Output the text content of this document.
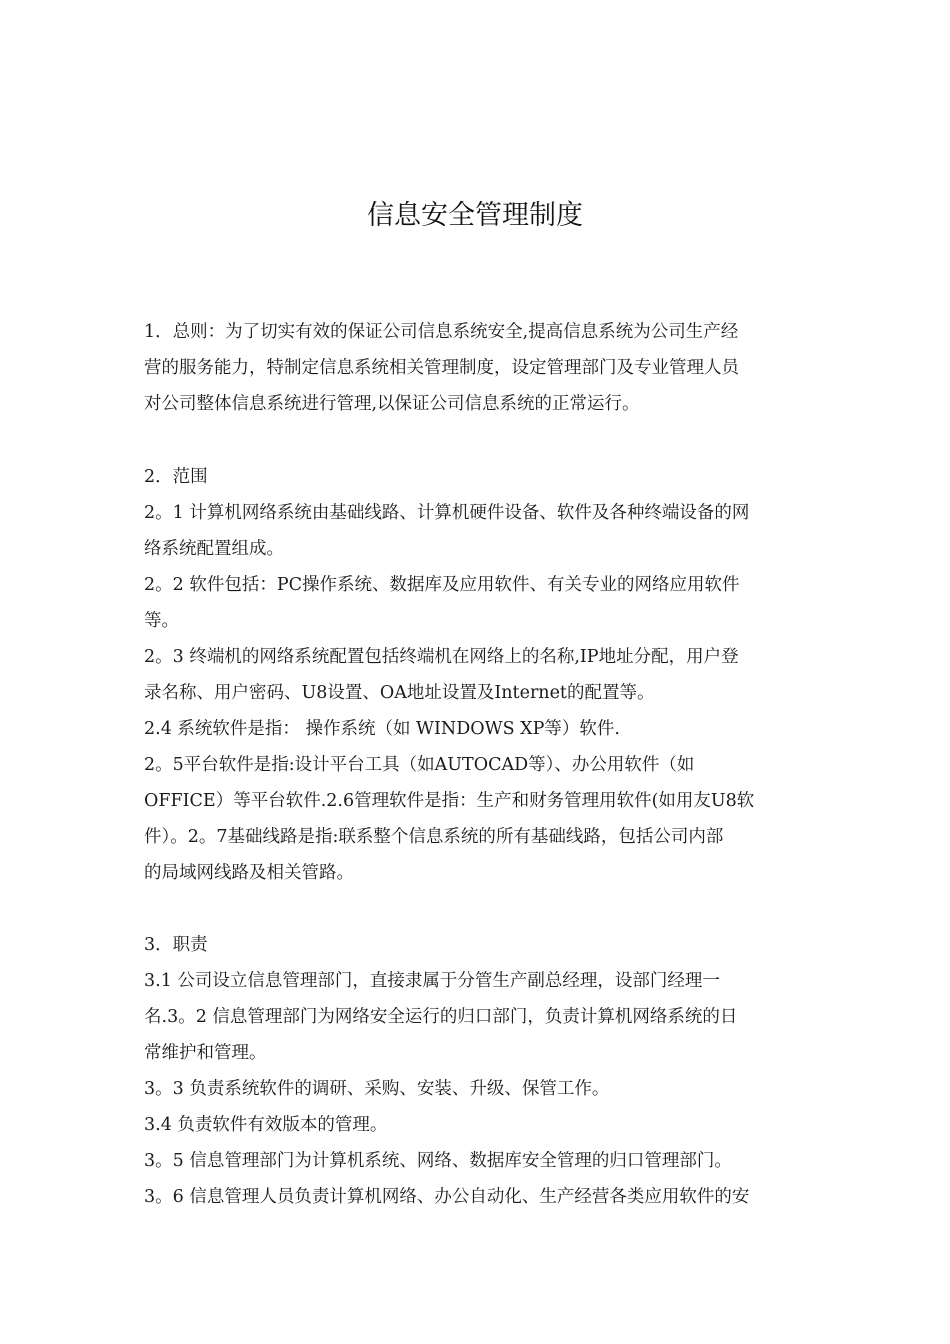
信息安全管理制度
1．总则：为了切实有效的保证公司信息系统安全,提高信息系统为公司生产经
营的服务能力，特制定信息系统相关管理制度，设定管理部门及专业管理人员
对公司整体信息系统进行管理,以保证公司信息系统的正常运行。
2．范围
2。1 计算机网络系统由基础线路、计算机硬件设备、软件及各种终端设备的网
络系统配置组成。
2。2 软件包括：PC操作系统、数据库及应用软件、有关专业的网络应用软件
等。
2。3 终端机的网络系统配置包括终端机在网络上的名称,IP地址分配，用户登
录名称、用户密码、U8设置、OA地址设置及Internet的配置等。
2.4 系统软件是指： 操作系统（如 WINDOWS XP等）软件.
2。5平台软件是指:设计平台工具（如AUTOCAD等）、办公用软件（如
OFFICE）等平台软件.2.6管理软件是指：生产和财务管理用软件(如用友U8软
件）。2。7基础线路是指:联系整个信息系统的所有基础线路，包括公司内部
的局域网线路及相关管路。
3．职责
3.1 公司设立信息管理部门，直接隶属于分管生产副总经理，设部门经理一
名.3。2 信息管理部门为网络安全运行的归口部门，负责计算机网络系统的日
常维护和管理。
3。3 负责系统软件的调研、采购、安装、升级、保管工作。
3.4 负责软件有效版本的管理。
3。5 信息管理部门为计算机系统、网络、数据库安全管理的归口管理部门。
3。6 信息管理人员负责计算机网络、办公自动化、生产经营各类应用软件的安
